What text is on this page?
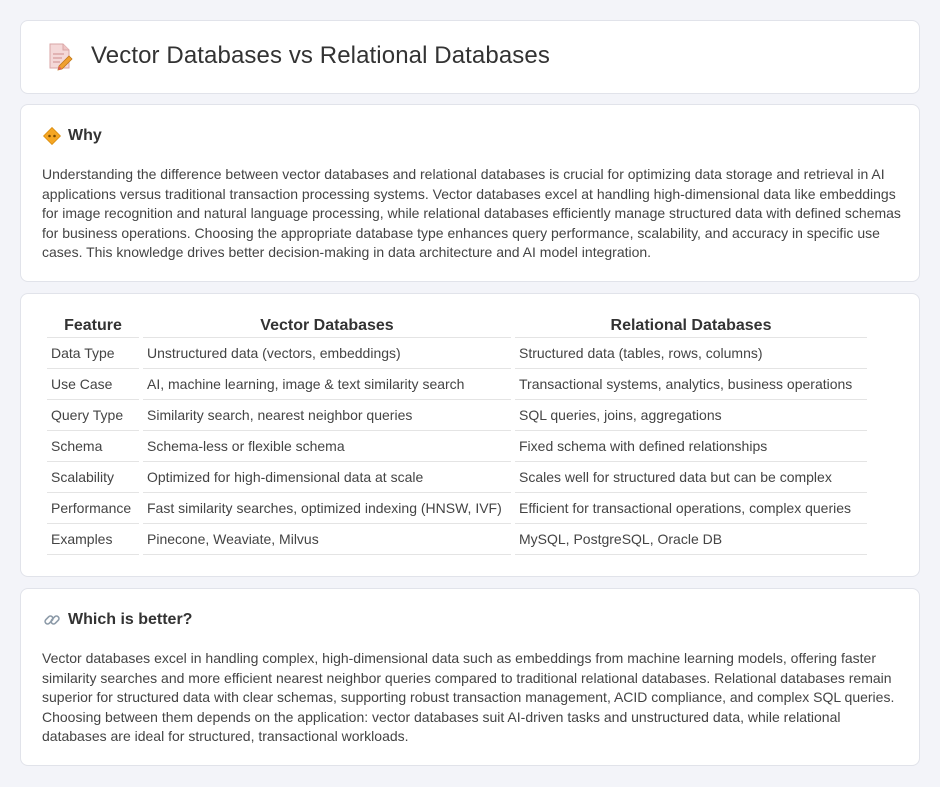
Vector Databases vs Relational Databases
Why

Understanding the difference between vector databases and relational databases is crucial for optimizing data storage and retrieval in AI applications versus traditional transaction processing systems. Vector databases excel at handling high-dimensional data like embeddings for image recognition and natural language processing, while relational databases efficiently manage structured data with defined schemas for business operations. Choosing the appropriate database type enhances query performance, scalability, and accuracy in specific use cases. This knowledge drives better decision-making in data architecture and AI model integration.

Feature	Vector Databases	Relational Databases
Data Type	Unstructured data (vectors, embeddings)	Structured data (tables, rows, columns)
Use Case	AI, machine learning, image & text similarity search	Transactional systems, analytics, business operations
Query Type	Similarity search, nearest neighbor queries	SQL queries, joins, aggregations
Schema	Schema-less or flexible schema	Fixed schema with defined relationships
Scalability	Optimized for high-dimensional data at scale	Scales well for structured data but can be complex
Performance	Fast similarity searches, optimized indexing (HNSW, IVF)	Efficient for transactional operations, complex queries
Examples	Pinecone, Weaviate, Milvus	MySQL, PostgreSQL, Oracle DB
Which is better?

Vector databases excel in handling complex, high-dimensional data such as embeddings from machine learning models, offering faster similarity searches and more efficient nearest neighbor queries compared to traditional relational databases. Relational databases remain superior for structured data with clear schemas, supporting robust transaction management, ACID compliance, and complex SQL queries. Choosing between them depends on the application: vector databases suit AI-driven tasks and unstructured data, while relational databases are ideal for structured, transactional workloads.
